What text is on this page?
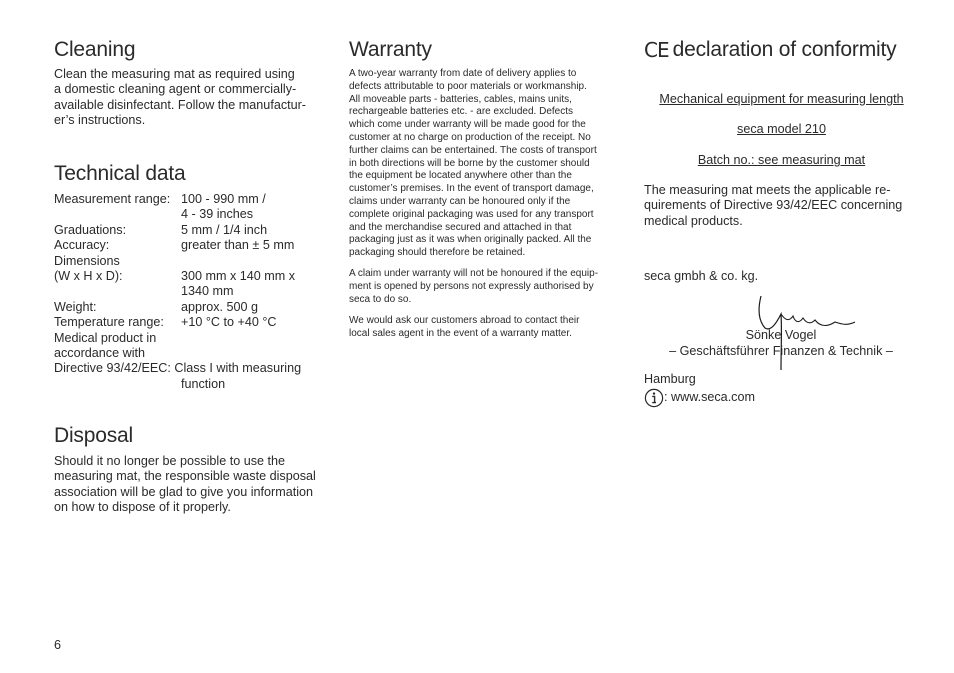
Cleaning
Clean the measuring mat as required using
a domestic cleaning agent or commercially-
available disinfectant. Follow the manufactur-
er’s instructions.
Technical data
Measurement range: 100 - 990 mm /
4 - 39 inches
Graduations:	5 mm / 1/4 inch
Accuracy:	greater than ± 5 mm
Dimensions
(W x H x D):	300 mm x 140 mm x
1340 mm
Weight:	approx. 500 g
Temperature range:	+10 °C to +40 °C
Medical product in
accordance with
Directive 93/42/EEC: Class I with measuring
function
Disposal
Should it no longer be possible to use the
measuring mat, the responsible waste disposal
association will be glad to give you information
on how to dispose of it properly.
Warranty
A two-year warranty from date of delivery applies to
defects attributable to poor materials or workmanship.
All moveable parts - batteries, cables, mains units,
rechargeable batteries etc. - are excluded. Defects
which come under warranty will be made good for the
customer at no charge on production of the receipt. No
further claims can be entertained. The costs of transport
in both directions will be borne by the customer should
the equipment be located anywhere other than the
customer’s premises. In the event of transport damage,
claims under warranty can be honoured only if the
complete original packaging was used for any transport
and the merchandise secured and attached in that
packaging just as it was when originally packed. All the
packaging should therefore be retained.
A claim under warranty will not be honoured if the equip-
ment is opened by persons not expressly authorised by
seca to do so.
We would ask our customers abroad to contact their
local sales agent in the event of a warranty matter.
CE declaration of conformity
Mechanical equipment for measuring length
seca model 210
Batch no.: see measuring mat
The measuring mat meets the applicable re-
quirements of Directive 93/42/EEC concerning
medical products.
seca gmbh & co. kg.
Sönke Vogel
– Geschäftsführer Finanzen & Technik –
Hamburg
: www.seca.com
6
